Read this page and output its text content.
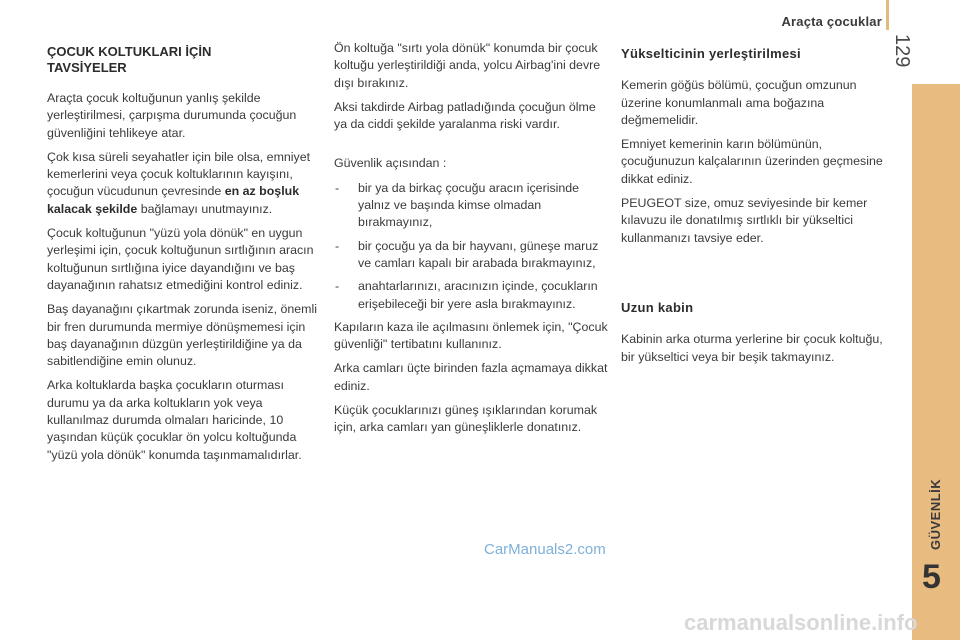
Araçta çocuklar
129
GÜVENLİK
5
ÇOCUK KOLTUKLARI İÇİN
TAVSİYELER

Araçta çocuk koltuğunun yanlış şekilde yerleştirilmesi, çarpışma durumunda çocuğun güvenliğini tehlikeye atar.

Çok kısa süreli seyahatler için bile olsa, emniyet kemerlerini veya çocuk koltuklarının kayışını, çocuğun vücudunun çevresinde en az boşluk kalacak şekilde bağlamayı unutmayınız.

Çocuk koltuğunun "yüzü yola dönük" en uygun yerleşimi için, çocuk koltuğunun sırtlığının aracın koltuğunun sırtlığına iyice dayandığını ve baş dayanağının rahatsız etmediğini kontrol ediniz.

Baş dayanağını çıkartmak zorunda iseniz, önemli bir fren durumunda mermiye dönüşmemesi için baş dayanağının düzgün yerleştirildiğine ya da sabitlendiğine emin olunuz.

Arka koltuklarda başka çocukların oturması durumu ya da arka koltukların yok veya kullanılmaz durumda olmaları haricinde, 10 yaşından küçük çocuklar ön yolcu koltuğunda "yüzü yola dönük" konumda taşınmamalıdırlar.

Ön koltuğa "sırtı yola dönük" konumda bir çocuk koltuğu yerleştirildiği anda, yolcu Airbag'ini devre dışı bırakınız.

Aksi takdirde Airbag patladığında çocuğun ölme ya da ciddi şekilde yaralanma riski vardır.

Güvenlik açısından :

- bir ya da birkaç çocuğu aracın içerisinde yalnız ve başında kimse olmadan bırakmayınız,
- bir çocuğu ya da bir hayvanı, güneşe maruz ve camları kapalı bir arabada bırakmayınız,
- anahtarlarınızı, aracınızın içinde, çocukların erişebileceği bir yere asla bırakmayınız.

Kapıların kaza ile açılmasını önlemek için, "Çocuk güvenliği" tertibatını kullanınız.

Arka camları üçte birinden fazla açmamaya dikkat ediniz.

Küçük çocuklarınızı güneş ışıklarından korumak için, arka camları yan güneşliklerle donatınız.

Yükselticinin yerleştirilmesi

Kemerin göğüs bölümü, çocuğun omzunun üzerine konumlanmalı ama boğazına değmemelidir.

Emniyet kemerinin karın bölümünün, çocuğunuzun kalçalarının üzerinden geçmesine dikkat ediniz.

PEUGEOT size, omuz seviyesinde bir kemer kılavuzu ile donatılmış sırtlıklı bir yükseltici kullanmanızı tavsiye eder.

Uzun kabin

Kabinin arka oturma yerlerine bir çocuk koltuğu, bir yükseltici veya bir beşik takmayınız.

CarManuals2.com
carmanualsonline.info
